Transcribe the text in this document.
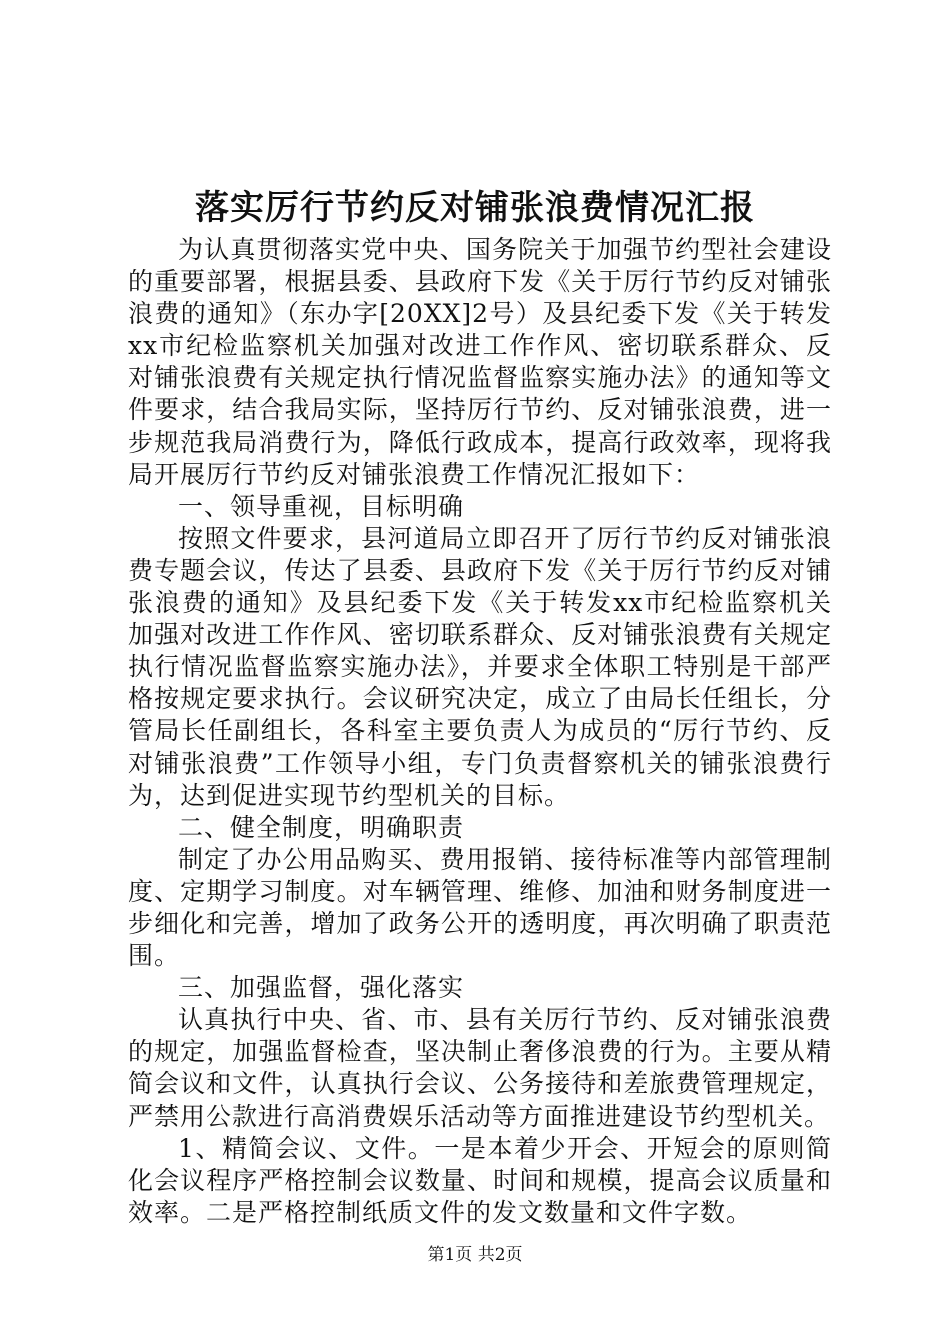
落实厉行节约反对铺张浪费情况汇报

为认真贯彻落实党中央、国务院关于加强节约型社会建设的重要部署，根据县委、县政府下发《关于厉行节约反对铺张浪费的通知》（东办字[20XX]2号）及县纪委下发《关于转发xx市纪检监察机关加强对改进工作作风、密切联系群众、反对铺张浪费有关规定执行情况监督监察实施办法》的通知等文件要求，结合我局实际，坚持厉行节约、反对铺张浪费，进一步规范我局消费行为，降低行政成本，提高行政效率，现将我局开展厉行节约反对铺张浪费工作情况汇报如下：

一、领导重视，目标明确

按照文件要求，县河道局立即召开了厉行节约反对铺张浪费专题会议，传达了县委、县政府下发《关于厉行节约反对铺张浪费的通知》及县纪委下发《关于转发xx市纪检监察机关加强对改进工作作风、密切联系群众、反对铺张浪费有关规定执行情况监督监察实施办法》，并要求全体职工特别是干部严格按规定要求执行。会议研究决定，成立了由局长任组长，分管局长任副组长，各科室主要负责人为成员的“厉行节约、反对铺张浪费”工作领导小组，专门负责督察机关的铺张浪费行为，达到促进实现节约型机关的目标。

二、健全制度，明确职责

制定了办公用品购买、费用报销、接待标准等内部管理制度、定期学习制度。对车辆管理、维修、加油和财务制度进一步细化和完善，增加了政务公开的透明度，再次明确了职责范围。

三、加强监督，强化落实

认真执行中央、省、市、县有关厉行节约、反对铺张浪费的规定，加强监督检查，坚决制止奢侈浪费的行为。主要从精简会议和文件，认真执行会议、公务接待和差旅费管理规定，严禁用公款进行高消费娱乐活动等方面推进建设节约型机关。

1、精简会议、文件。一是本着少开会、开短会的原则简化会议程序严格控制会议数量、时间和规模，提高会议质量和效率。二是严格控制纸质文件的发文数量和文件字数。

第1页 共2页
